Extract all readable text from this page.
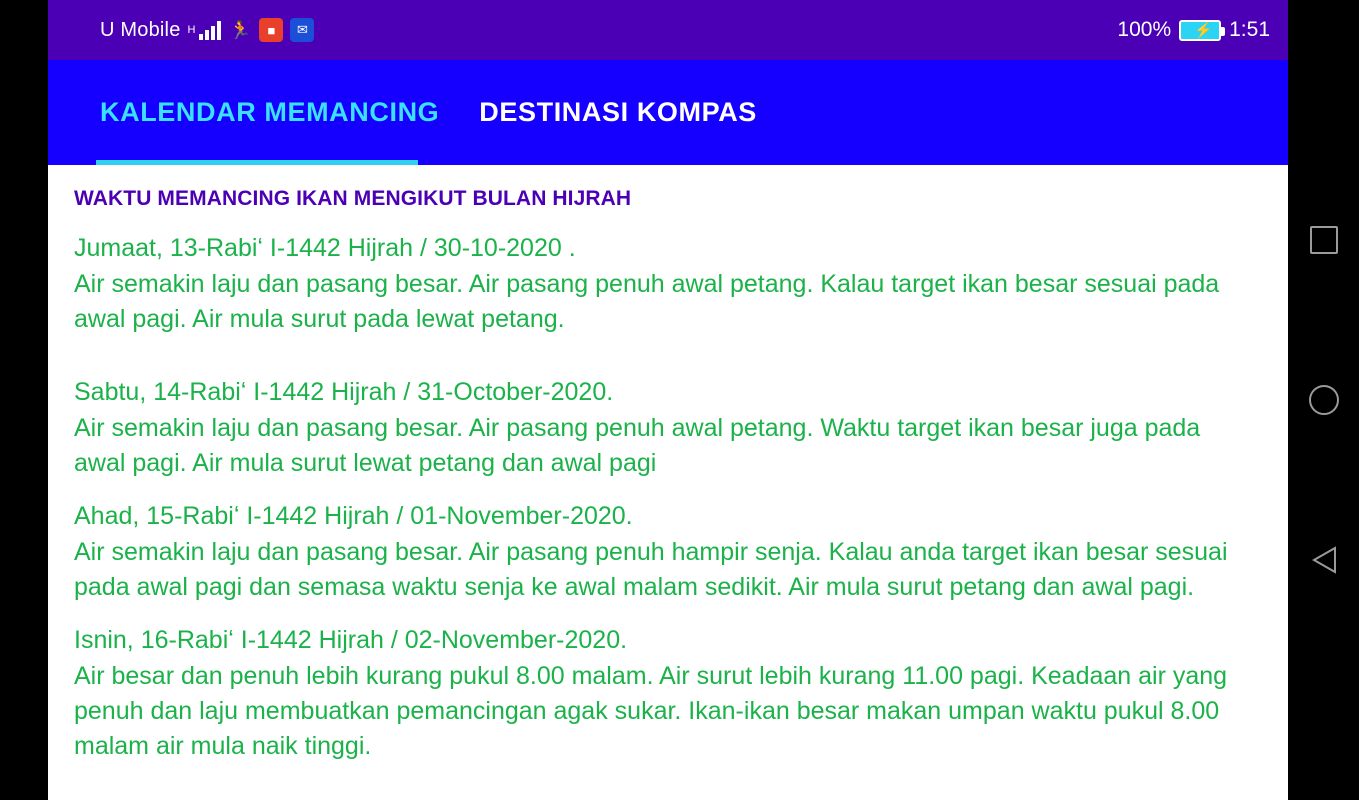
U Mobile H 🏃	■	✉	100% ⚡ 1:51
KALENDAR MEMANCING	DESTINASI KOMPAS
WAKTU MEMANCING IKAN MENGIKUT BULAN HIJRAH
Jumaat, 13-Rabiʻ I-1442 Hijrah / 30-10-2020 .
Air semakin laju dan pasang besar. Air pasang penuh awal petang. Kalau target ikan besar sesuai pada awal pagi. Air mula surut pada lewat petang.
Sabtu, 14-Rabiʻ I-1442 Hijrah / 31-October-2020.
Air semakin laju dan pasang besar. Air pasang penuh awal petang. Waktu target ikan besar juga pada awal pagi. Air mula surut lewat petang dan awal pagi
Ahad, 15-Rabiʻ I-1442 Hijrah / 01-November-2020.
Air semakin laju dan pasang besar. Air pasang penuh hampir senja. Kalau anda target ikan besar sesuai pada awal pagi dan semasa waktu senja ke awal malam sedikit. Air mula surut petang dan awal pagi.
Isnin, 16-Rabiʻ I-1442 Hijrah / 02-November-2020.
Air besar dan penuh lebih kurang pukul 8.00 malam. Air surut lebih kurang 11.00 pagi. Keadaan air yang penuh dan laju membuatkan pemancingan agak sukar. Ikan-ikan besar makan umpan waktu pukul 8.00 malam air mula naik tinggi.
